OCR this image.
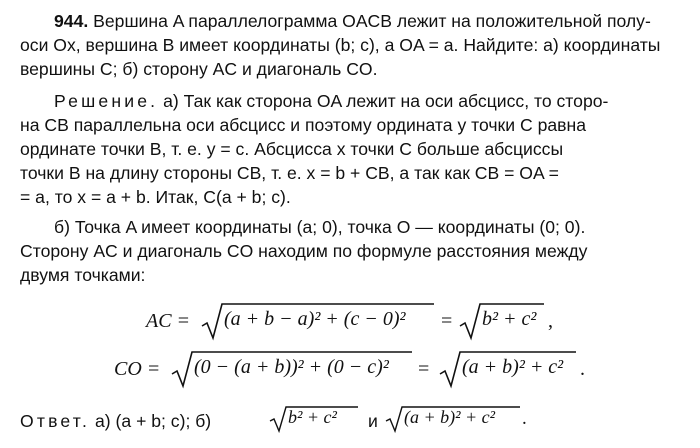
944. Вершина A параллелограмма OACB лежит на положительной полу-
оси Ox, вершина B имеет координаты (b; c), а OA = a. Найдите: а) координаты
вершины C; б) сторону AC и диагональ CO.
Решение. а) Так как сторона OA лежит на оси абсцисс, то сторо-
на CB параллельна оси абсцисс и поэтому ордината y точки C равна
ординате точки B, т. е. y = c. Абсцисса x точки C больше абсциссы
точки B на длину стороны CB, т. е. x = b + CB, а так как CB = OA =
= a, то x = a + b. Итак, C(a + b; c).
б) Точка A имеет координаты (a; 0), точка O — координаты (0; 0).
Сторону AC и диагональ CO находим по формуле расстояния между
двумя точками:
AC = (a + b − a)² + (c − 0)² = b² + c² ,
CO = (0 − (a + b))² + (0 − c)² = (a + b)² + c² .
Ответ. а) (a + b; c); б)	b² + c² и (a + b)² + c² .
